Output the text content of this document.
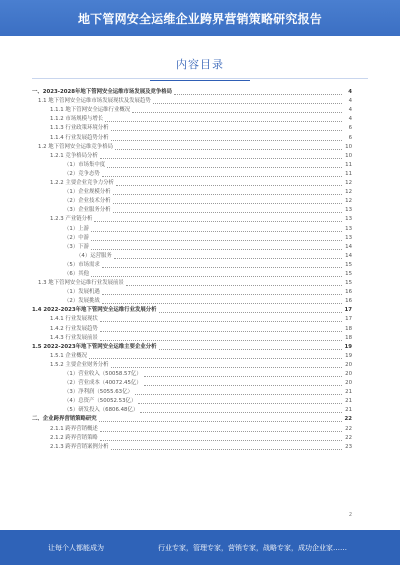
地下管网安全运维企业跨界营销策略研究报告
内容目录
一、2023-2028年地下管网安全运维市场发展及竞争格局	4
1.1 地下管网安全运维市场发展现状及发展趋势	4
1.1.1 地下管网安全运维行业概况	4
1.1.2 市场规模与增长	4
1.1.3 行业政策环境分析	6
1.1.4 行业发展趋势分析	6
1.2 地下管网安全运维竞争格局	10
1.2.1 竞争格局分析	10
（1）市场集中度	11
（2）竞争态势	11
1.2.2 主要企业竞争力分析	12
（1）企业规模分析	12
（2）企业技术分析	12
（3）企业服务分析	13
1.2.3 产业链分析	13
（1）上游	13
（2）中游	13
（3）下游	14
（4）运营服务	14
（5）市场需求	15
（6）其他	15
1.3 地下管网安全运维行业发展前景	15
（1）发展机遇	16
（2）发展挑战	16
1.4 2022-2023年地下管网安全运维行业发展分析	17
1.4.1 行业发展现状	17
1.4.2 行业发展趋势	18
1.4.3 行业发展前景	18
1.5 2022-2023年地下管网安全运维主要企业分析	19
1.5.1 企业概况	19
1.5.2 主要企业财务分析	20
（1）营业收入（50058.57亿）	20
（2）营业成本（40072.45亿）	20
（3）净利润（5055.63亿）	21
（4）总资产（50052.53亿）	21
（5）研发投入（6806.48亿）	21
二、企业跨界营销策略研究	22
2.1.1 跨界营销概述	22
2.1.2 跨界营销策略	22
2.1.3 跨界营销案例分析	23
2
让每个人都能成为	行业专家，管理专家，营销专家，战略专家，成功企业家……
